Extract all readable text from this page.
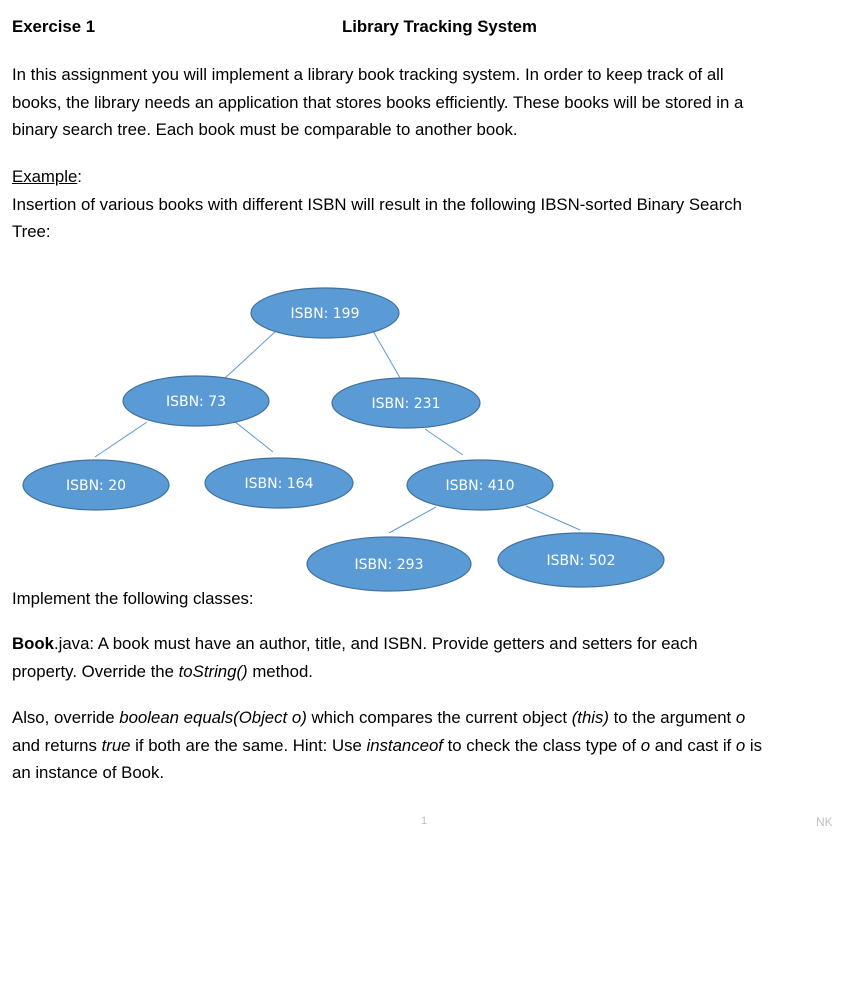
Exercise 1	Library Tracking System
In this assignment you will implement a library book tracking system. In order to keep track of all
books, the library needs an application that stores books efficiently. These books will be stored in a
binary search tree. Each book must be comparable to another book.
Example:
Insertion of various books with different ISBN will result in the following IBSN-sorted Binary Search
Tree:
ISBN: 199
ISBN: 73	ISBN: 231
ISBN: 20	ISBN: 164	ISBN: 410
ISBN: 293	ISBN: 502
Implement the following classes:
Book.java: A book must have an author, title, and ISBN. Provide getters and setters for each
property. Override the toString() method.
Also, override boolean equals(Object o) which compares the current object (this) to the argument o
and returns true if both are the same. Hint: Use instanceof to check the class type of o and cast if o is
an instance of Book.
1	NK
